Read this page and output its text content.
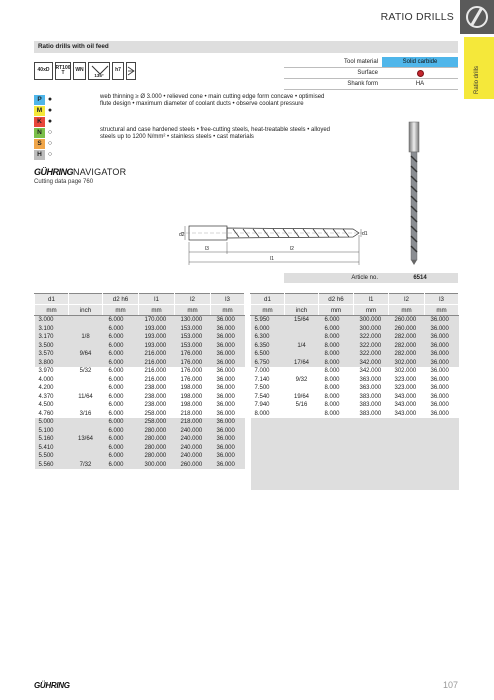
RATIO DRILLS
Ratio drills
Ratio drills with oil feed
40xD RT100
T	WN
135°
h7
Tool material	Solid carbide
Surface
Shank form	HA
P ●
M ●
K ●
N ○
S ○
H ○
web thinning ≥ Ø 3.000 • relieved cone • main cutting edge form concave • optimised flute design • maximum diameter of coolant ducts • observe coolant pressure
structural and case hardened steels • free-cutting steels, heat-treatable steels • alloyed steels up to 1200 N/mm² • stainless steels • cast materials
GÜHRING NAVIGATOR
Cutting data page 760
d2	d1
l3	l2
l1
Article no.	6514
d1		d2 h6	l1	l2	l3
mm	inch	mm	mm	mm	mm
3.000		6.000	170.000	130.000	36.000
3.100		6.000	193.000	153.000	36.000
3.170	1/8	6.000	193.000	153.000	36.000
3.500		6.000	193.000	153.000	36.000
3.570	9/64	6.000	216.000	176.000	36.000
3.800		6.000	216.000	176.000	36.000
3.970	5/32	6.000	216.000	176.000	36.000
4.000		6.000	216.000	176.000	36.000
4.200		6.000	238.000	198.000	36.000
4.370	11/64	6.000	238.000	198.000	36.000
4.500		6.000	238.000	198.000	36.000
4.760	3/16	6.000	258.000	218.000	36.000
5.000		6.000	258.000	218.000	36.000
5.100		6.000	280.000	240.000	36.000
5.160	13/64	6.000	280.000	240.000	36.000
5.410		6.000	280.000	240.000	36.000
5.500		6.000	280.000	240.000	36.000
5.560	7/32	6.000	300.000	260.000	36.000
d1		d2 h6	l1	l2	l3
mm	inch	mm	mm	mm	mm
5.950	15/64	6.000	300.000	260.000	36.000
6.000		6.000	300.000	260.000	36.000
6.300		8.000	322.000	282.000	36.000
6.350	1/4	8.000	322.000	282.000	36.000
6.500		8.000	322.000	282.000	36.000
6.750	17/64	8.000	342.000	302.000	36.000
7.000		8.000	342.000	302.000	36.000
7.140	9/32	8.000	363.000	323.000	36.000
7.500		8.000	363.000	323.000	36.000
7.540	19/64	8.000	383.000	343.000	36.000
7.940	5/16	8.000	383.000	343.000	36.000
8.000		8.000	383.000	343.000	36.000

GÜHRING	107
